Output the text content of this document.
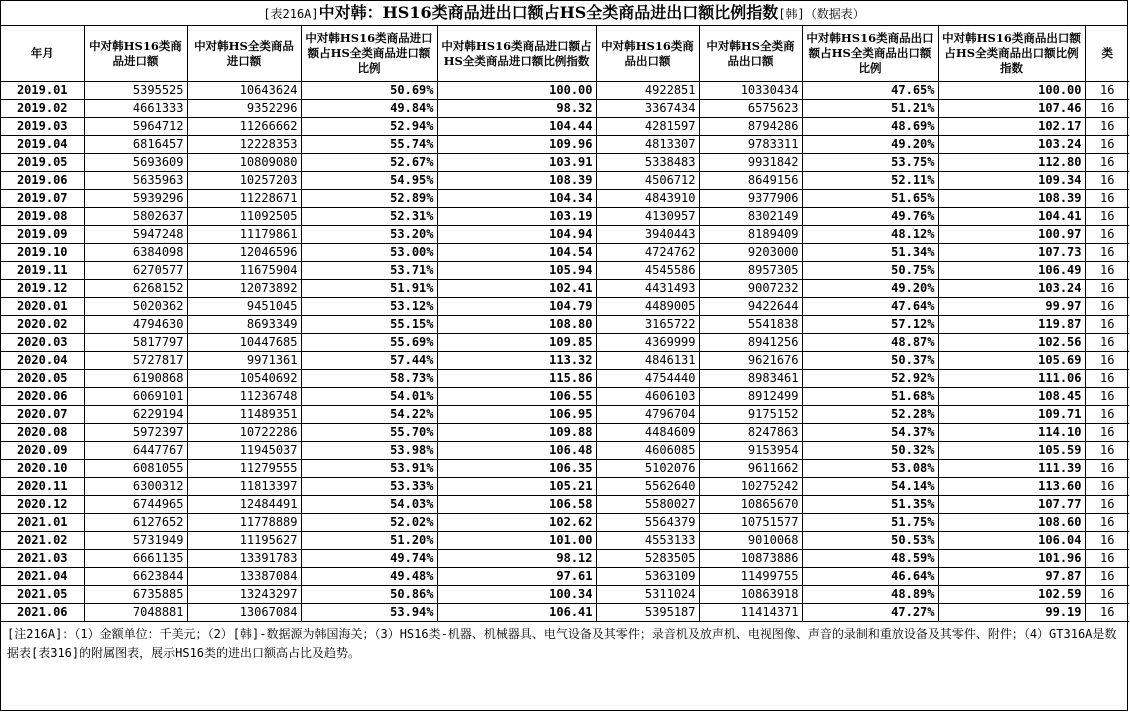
[表216A]中对韩：HS16类商品进出口额占HS全类商品进出口额比例指数[韩]（数据表）
年月	中对韩HS16类商品进口额	中对韩HS全类商品进口额	中对韩HS16类商品进口额占HS全类商品进口额比例	中对韩HS16类商品进口额占HS全类商品进口额比例指数	中对韩HS16类商品出口额	中对韩HS全类商品出口额	中对韩HS16类商品出口额占HS全类商品出口额比例	中对韩HS16类商品出口额占HS全类商品出口额比例指数	类
2019.01	5395525	10643624	50.69%	100.00	4922851	10330434	47.65%	100.00	16
2019.02	4661333	9352296	49.84%	98.32	3367434	6575623	51.21%	107.46	16
2019.03	5964712	11266662	52.94%	104.44	4281597	8794286	48.69%	102.17	16
2019.04	6816457	12228353	55.74%	109.96	4813307	9783311	49.20%	103.24	16
2019.05	5693609	10809080	52.67%	103.91	5338483	9931842	53.75%	112.80	16
2019.06	5635963	10257203	54.95%	108.39	4506712	8649156	52.11%	109.34	16
2019.07	5939296	11228671	52.89%	104.34	4843910	9377906	51.65%	108.39	16
2019.08	5802637	11092505	52.31%	103.19	4130957	8302149	49.76%	104.41	16
2019.09	5947248	11179861	53.20%	104.94	3940443	8189409	48.12%	100.97	16
2019.10	6384098	12046596	53.00%	104.54	4724762	9203000	51.34%	107.73	16
2019.11	6270577	11675904	53.71%	105.94	4545586	8957305	50.75%	106.49	16
2019.12	6268152	12073892	51.91%	102.41	4431493	9007232	49.20%	103.24	16
2020.01	5020362	9451045	53.12%	104.79	4489005	9422644	47.64%	99.97	16
2020.02	4794630	8693349	55.15%	108.80	3165722	5541838	57.12%	119.87	16
2020.03	5817797	10447685	55.69%	109.85	4369999	8941256	48.87%	102.56	16
2020.04	5727817	9971361	57.44%	113.32	4846131	9621676	50.37%	105.69	16
2020.05	6190868	10540692	58.73%	115.86	4754440	8983461	52.92%	111.06	16
2020.06	6069101	11236748	54.01%	106.55	4606103	8912499	51.68%	108.45	16
2020.07	6229194	11489351	54.22%	106.95	4796704	9175152	52.28%	109.71	16
2020.08	5972397	10722286	55.70%	109.88	4484609	8247863	54.37%	114.10	16
2020.09	6447767	11945037	53.98%	106.48	4606085	9153954	50.32%	105.59	16
2020.10	6081055	11279555	53.91%	106.35	5102076	9611662	53.08%	111.39	16
2020.11	6300312	11813397	53.33%	105.21	5562640	10275242	54.14%	113.60	16
2020.12	6744965	12484491	54.03%	106.58	5580027	10865670	51.35%	107.77	16
2021.01	6127652	11778889	52.02%	102.62	5564379	10751577	51.75%	108.60	16
2021.02	5731949	11195627	51.20%	101.00	4553133	9010068	50.53%	106.04	16
2021.03	6661135	13391783	49.74%	98.12	5283505	10873886	48.59%	101.96	16
2021.04	6623844	13387084	49.48%	97.61	5363109	11499755	46.64%	97.87	16
2021.05	6735885	13243297	50.86%	100.34	5311024	10863918	48.89%	102.59	16
2021.06	7048881	13067084	53.94%	106.41	5395187	11414371	47.27%	99.19	16
[注216A]：（1）金额单位：千美元；（2）[韩]-数据源为韩国海关；（3）HS16类-机器、机械器具、电气设备及其零件；录音机及放声机、电视图像、声音的录制和重放设备及其零件、附件；（4）GT316A是数据表[表316]的附属图表，展示HS16类的进出口额高占比及趋势。
